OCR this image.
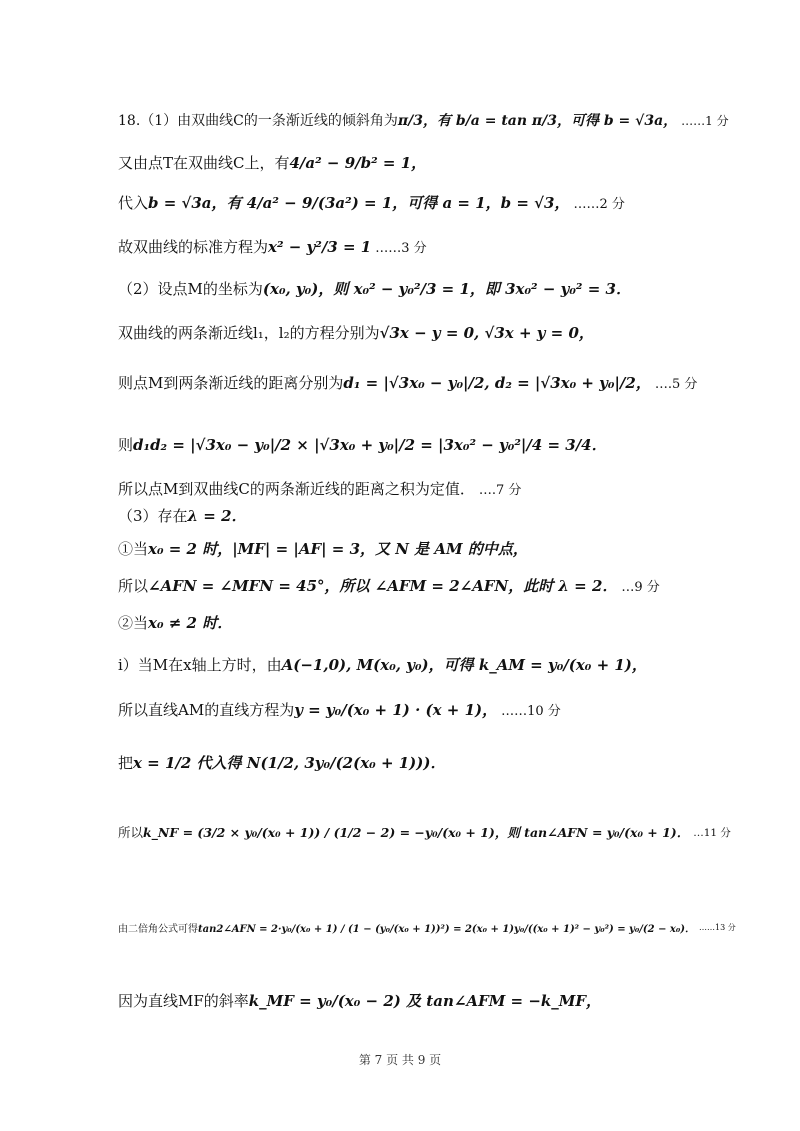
18.（1）由双曲线C的一条渐近线的倾斜角为 π/3，有 b/a = tan π/3，可得 b = √3a， ……1 分
又由点T在双曲线C上，有 4/a² − 9/b² = 1，
代入 b = √3a，有 4/a² − 9/(3a²) = 1，可得 a = 1，b = √3， ……2 分
故双曲线的标准方程为 x² − y²/3 = 1 ……3 分
（2）设点M的坐标为 (x₀, y₀)，则 x₀² − y₀²/3 = 1，即 3x₀² − y₀² = 3．
双曲线的两条渐近线l₁，l₂的方程分别为 √3x − y = 0, √3x + y = 0，
则点M到两条渐近线的距离分别为 d₁ = |√3x₀ − y₀|/2, d₂ = |√3x₀ + y₀|/2， ….5 分
则 d₁d₂ = |√3x₀ − y₀|/2 × |√3x₀ + y₀|/2 = |3x₀² − y₀²|/4 = 3/4．
所以点M到双曲线C的两条渐近线的距离之积为定值． ….7 分
（3）存在 λ = 2．
①当 x₀ = 2 时，|MF| = |AF| = 3，又 N 是 AM 的中点，
所以 ∠AFN = ∠MFN = 45°，所以 ∠AFM = 2∠AFN，此时 λ = 2． …9 分
②当 x₀ ≠ 2 时．
i）当M在x轴上方时，由 A(−1,0), M(x₀, y₀)，可得 k_AM = y₀/(x₀ + 1)，
所以直线AM的直线方程为 y = y₀/(x₀ + 1) · (x + 1)， ……10 分
把 x = 1/2 代入得 N(1/2, 3y₀/(2(x₀ + 1)))．
所以 k_NF = (3/2 × y₀/(x₀ + 1)) / (1/2 − 2) = −y₀/(x₀ + 1)，则 tan∠AFN = y₀/(x₀ + 1)． …11 分
由二倍角公式可得 tan2∠AFN = 2·y₀/(x₀ + 1) / (1 − (y₀/(x₀ + 1))²) = 2(x₀ + 1)y₀/((x₀ + 1)² − y₀²) = y₀/(2 − x₀)． ……13 分
因为直线MF的斜率 k_MF = y₀/(x₀ − 2) 及 tan∠AFM = −k_MF，
第 7 页 共 9 页
